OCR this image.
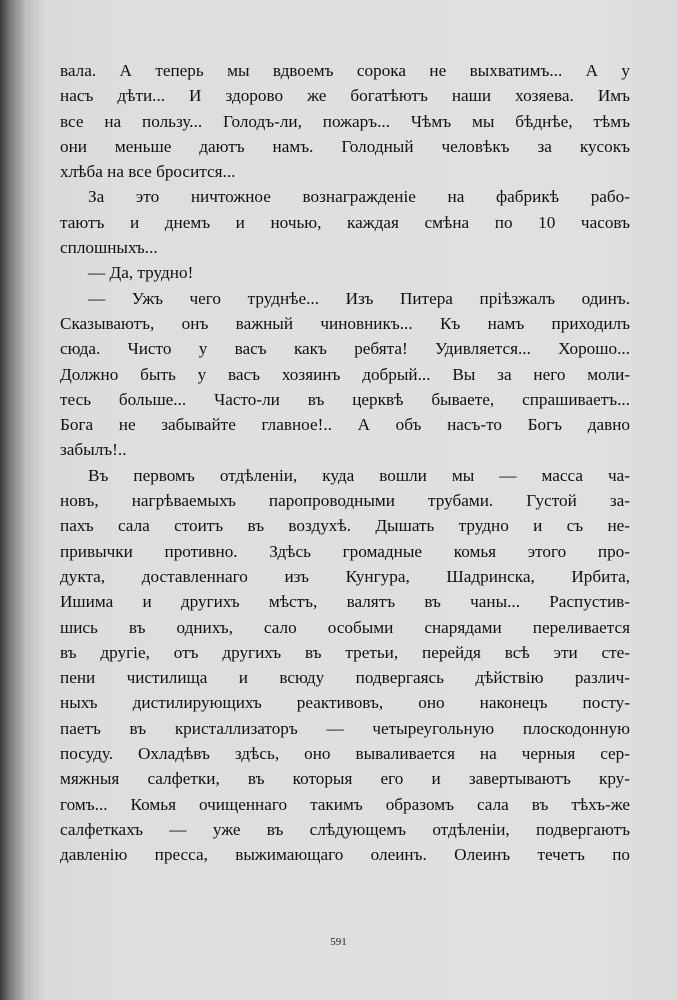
вала. А теперь мы вдвоемъ сорока не выхватимъ... А у
насъ дѣти... И здорово же богатѣютъ наши хозяева. Имъ
все на пользу... Голодъ-ли, пожаръ... Чѣмъ мы бѣднѣе, тѣмъ
они меньше даютъ намъ. Голодный человѣкъ за кусокъ
хлѣба на все бросится...
За это ничтожное вознагражденіе на фабрикѣ рабо-
таютъ и днемъ и ночью, каждая смѣна по 10 часовъ
сплошныхъ...
— Да, трудно!
— Ужъ чего труднѣе... Изъ Питера пріѣзжалъ одинъ.
Сказываютъ, онъ важный чиновникъ... Къ намъ приходилъ
сюда. Чисто у васъ какъ ребята! Удивляется... Хорошо...
Должно быть у васъ хозяинъ добрый... Вы за него моли-
тесь больше... Часто-ли въ церквѣ бываете, спрашиваетъ...
Бога не забывайте главное!.. А объ насъ-то Богъ давно
забылъ!..
Въ первомъ отдѣленіи, куда вошли мы — масса ча-
новъ, нагрѣваемыхъ паропроводными трубами. Густой за-
пахъ сала стоитъ въ воздухѣ. Дышать трудно и съ не-
привычки противно. Здѣсь громадные комья этого про-
дукта, доставленнаго изъ Кунгура, Шадринска, Ирбита,
Ишима и другихъ мѣстъ, валятъ въ чаны... Распустив-
шись въ однихъ, сало особыми снарядами переливается
въ другіе, отъ другихъ въ третьи, перейдя всѣ эти сте-
пени чистилища и всюду подвергаясь дѣйствію различ-
ныхъ дистилирующихъ реактивовъ, оно наконецъ посту-
паетъ въ кристаллизаторъ — четыреугольную плоскодонную
посуду. Охладѣвъ здѣсь, оно вываливается на черныя сер-
мяжныя салфетки, въ которыя его и завертываютъ кру-
гомъ... Комья очищеннаго такимъ образомъ сала въ тѣхъ-же
салфеткахъ — уже въ слѣдующемъ отдѣленіи, подвергаютъ
давленію пресса, выжимающаго олеинъ. Олеинъ течетъ по
591
